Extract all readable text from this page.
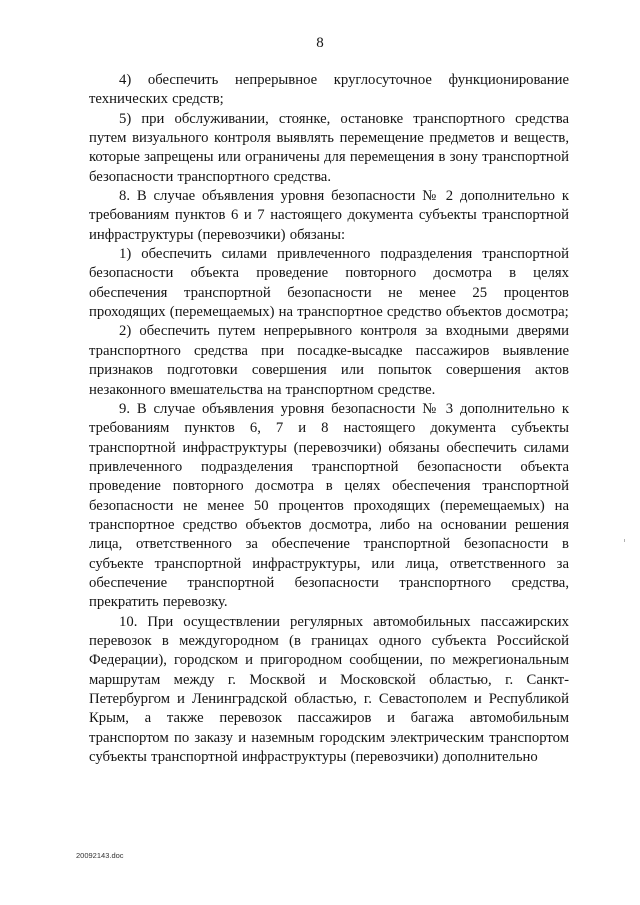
8

4) обеспечить непрерывное круглосуточное функционирование технических средств;

5) при обслуживании, стоянке, остановке транспортного средства путем визуального контроля выявлять перемещение предметов и веществ, которые запрещены или ограничены для перемещения в зону транспортной безопасности транспортного средства.

8. В случае объявления уровня безопасности № 2 дополнительно к требованиям пунктов 6 и 7 настоящего документа субъекты транспортной инфраструктуры (перевозчики) обязаны:

1) обеспечить силами привлеченного подразделения транспортной безопасности объекта проведение повторного досмотра в целях обеспечения транспортной безопасности не менее 25 процентов проходящих (перемещаемых) на транспортное средство объектов досмотра;

2) обеспечить путем непрерывного контроля за входными дверями транспортного средства при посадке-высадке пассажиров выявление признаков подготовки совершения или попыток совершения актов незаконного вмешательства на транспортном средстве.

9. В случае объявления уровня безопасности № 3 дополнительно к требованиям пунктов 6, 7 и 8 настоящего документа субъекты транспортной инфраструктуры (перевозчики) обязаны обеспечить силами привлеченного подразделения транспортной безопасности объекта проведение повторного досмотра в целях обеспечения транспортной безопасности не менее 50 процентов проходящих (перемещаемых) на транспортное средство объектов досмотра, либо на основании решения лица, ответственного за обеспечение транспортной безопасности в субъекте транспортной инфраструктуры, или лица, ответственного за обеспечение транспортной безопасности транспортного средства, прекратить перевозку.

10. При осуществлении регулярных автомобильных пассажирских перевозок в междугородном (в границах одного субъекта Российской Федерации), городском и пригородном сообщении, по межрегиональным маршрутам между г. Москвой и Московской областью, г. Санкт-Петербургом и Ленинградской областью, г. Севастополем и Республикой Крым, а также перевозок пассажиров и багажа автомобильным транспортом по заказу и наземным городским электрическим транспортом субъекты транспортной инфраструктуры (перевозчики) дополнительно

20092143.doc
